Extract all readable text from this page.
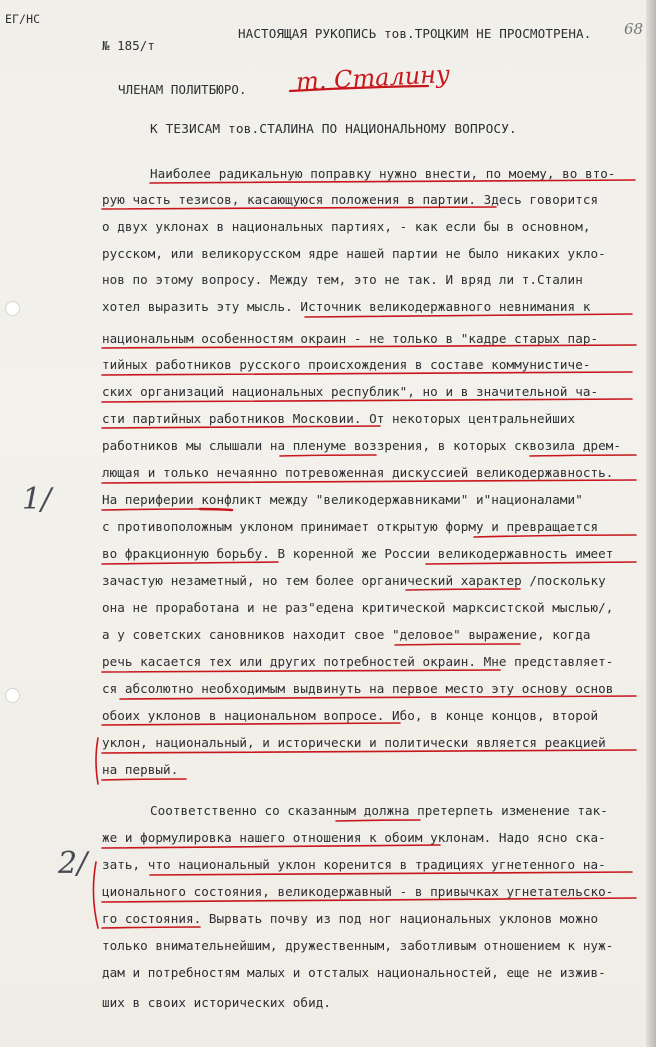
ЕГ/НС
НАСТОЯЩАЯ РУКОПИСЬ тов.ТРОЦКИМ НЕ ПРОСМОТРЕНА. 68
№ 185/т
ЧЛЕНАМ ПОЛИТБЮРО. т. Сталину
К ТЕЗИСАМ тов.СТАЛИНА ПО НАЦИОНАЛЬНОМУ ВОПРОСУ.
Наиболее радикальную поправку нужно внести, по моему, во вто-
рую часть тезисов, касающуюся положения в партии. Здесь говорится
о двух уклонах в национальных партиях, - как если бы в основном,
русском, или великорусском ядре нашей партии не было никаких укло-
нов по этому вопросу. Между тем, это не так. И вряд ли т.Сталин
хотел выразить эту мысль. Источник великодержавного невнимания к
национальным особенностям окраин - не только в "кадре старых пар-
тийных работников русского происхождения в составе коммунистиче-
ских организаций национальных республик", но и в значительной ча-
сти партийных работников Московии. От некоторых центральнейших
работников мы слышали на пленуме воззрения, в которых сквозила дрем-
лющая и только нечаянно потревоженная дискуссией великодержавность.
На периферии конфликт между "великодержавниками" и"националами"
с противоположным уклоном принимает открытую форму и превращается
во фракционную борьбу. В коренной же России великодержавность имеет
зачастую незаметный, но тем более органический характер /поскольку
она не проработана и не раз"едена критической марксистской мыслью/,
а у советских сановников находит свое "деловое" выражение, когда
речь касается тех или других потребностей окраин. Мне представляет-
ся абсолютно необходимым выдвинуть на первое место эту основу основ
обоих уклонов в национальном вопросе. Ибо, в конце концов, второй
уклон, национальный, и исторически и политически является реакцией
на первый.
Соответственно со сказанным должна претерпеть изменение так-
же и формулировка нашего отношения к обоим уклонам. Надо ясно ска-
зать, что национальный уклон коренится в традициях угнетенного на-
ционального состояния, великодержавный - в привычках угнетательско-
го состояния. Вырвать почву из под ног национальных уклонов можно
только внимательнейшим, дружественным, заботливым отношением к нуж-
дам и потребностям малых и отсталых национальностей, еще не изжив-
ших в своих исторических обид.
1/
2/
